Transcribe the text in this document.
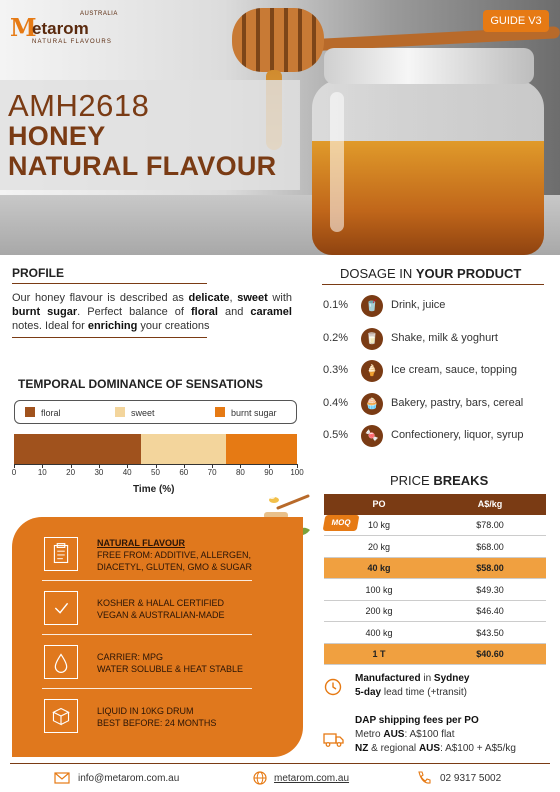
M
etarom
AUSTRALIA
NATURAL FLAVOURS
GUIDE V3
AMH2618
HONEY
NATURAL FLAVOUR
PROFILE
Our honey flavour is described as delicate, sweet with burnt sugar. Perfect balance of floral and caramel notes. Ideal for enriching your creations
TEMPORAL DOMINANCE OF SENSATIONS
floral	sweet	burnt sugar
0	10	20	30	40	50	60	70	80	90	100
Time (%)
NATURAL FLAVOUR
FREE FROM: ADDITIVE, ALLERGEN,
DIACETYL, GLUTEN, GMO & SUGAR
KOSHER & HALAL CERTIFIED
VEGAN & AUSTRALIAN-MADE
CARRIER: MPG
WATER SOLUBLE & HEAT STABLE
LIQUID IN 10KG DRUM
BEST BEFORE: 24 MONTHS
DOSAGE IN YOUR PRODUCT
0.1%	🥤	Drink, juice
0.2%	🥛	Shake, milk & yoghurt
0.3%	🍦	Ice cream, sauce, topping
0.4%	🧁	Bakery, pastry, bars, cereal
0.5%	🍬	Confectionery, liquor, syrup
PRICE BREAKS
PO	A$/kg
10 kg	$78.00
20 kg	$68.00
40 kg	$58.00
100 kg	$49.30
200 kg	$46.40
400 kg	$43.50
1 T	$40.60
MOQ
Manufactured in Sydney
5-day lead time (+transit)
DAP shipping fees per PO
Metro AUS: A$100 flat
NZ & regional AUS: A$100 + A$5/kg
info@metarom.com.au	metarom.com.au	02 9317 5002
